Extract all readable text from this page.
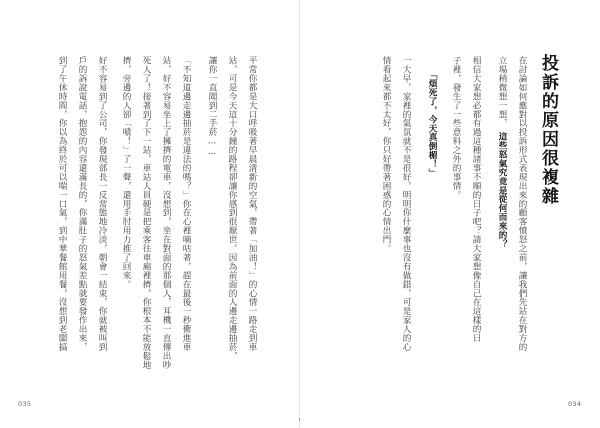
平常你都是大口呼吸著早晨清新的空氣，帶著「加油！」的心情一路走到車
站，可是今天這十分鐘的路程卻讓你感到很厭世，因為前面的人邊走邊抽菸，
讓你一直聞到二手菸……
「不知道邊走邊抽菸是違法的嗎？」你在心裡嘀咕著，趕在最後一秒衝進車
站，好不容易坐上了擁擠的電車，沒想到，坐在對面的那個人，耳機一直傳出吵
死人了！接著到了下一站，車站人員硬是把乘客往車廂裡擠，你根本不能放鬆地
擠，旁邊的人卻「嘖！」了一聲，還用手肘用力推了回來。
好不容易到了公司，你發現部長一反常態地冷淡，朝會一結束，你就被叫到
戶的訴說電話，抱怨的內容還滿長的，你滿肚子的怒氣差點就要發作出來，
到了午休時間，你以為終於可以喘一口氣，到中華餐館用餐，沒想到老闆搞
035	034
投訴的原因很複雜
在討論如何應對以投訴形式表現出來的顧客憤怒之前，讓我們先站在對方的
立場稍微想一想，
這些怒氣究竟是從何而來的？
相信大家想必都有過這種諸事不順的日子吧？請大家想像自己在這樣的日
子裡，發生了一些意料之外的事情。
「煩死了，今天真倒楣！」
一大早，家裡的氣氛就不是很好，明明你什麼事也沒有做錯，可是家人的心
情看起來都不太好，你只好帶著困惑的心情出門。
